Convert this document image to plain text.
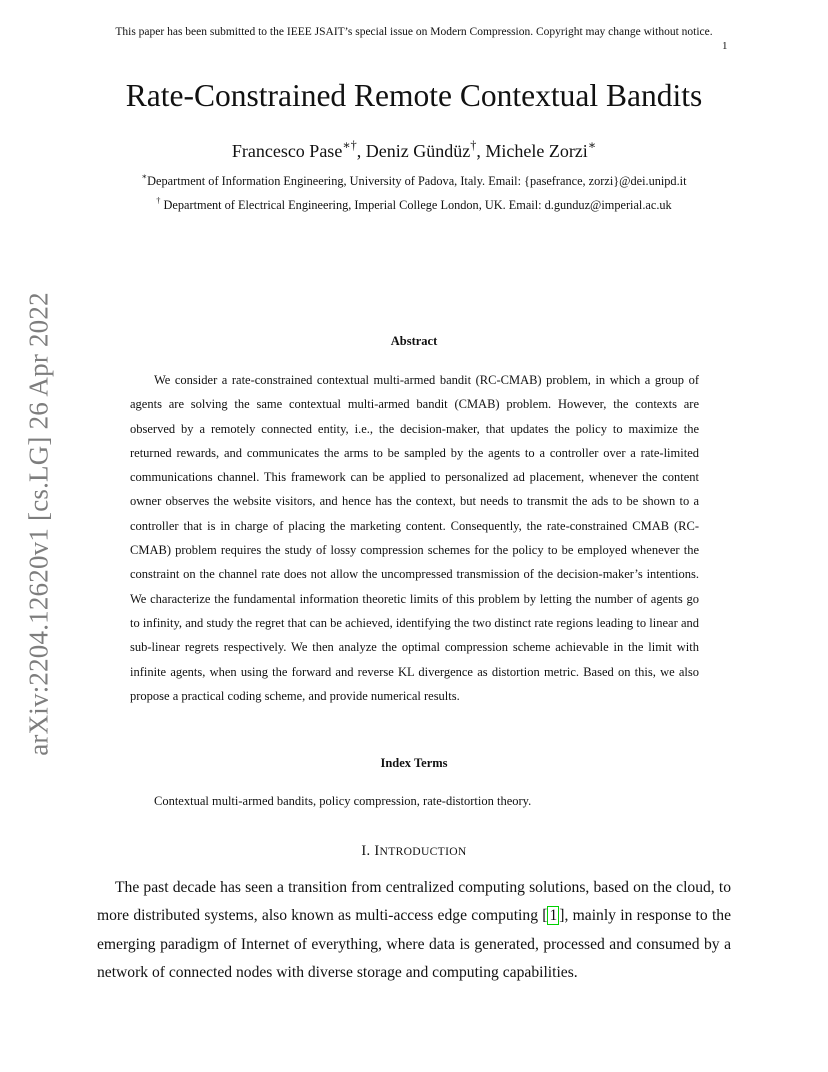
This paper has been submitted to the IEEE JSAIT’s special issue on Modern Compression. Copyright may change without notice.
1
arXiv:2204.12620v1 [cs.LG] 26 Apr 2022
Rate-Constrained Remote Contextual Bandits
Francesco Pase∗†, Deniz Gündüz†, Michele Zorzi∗
∗Department of Information Engineering, University of Padova, Italy. Email: {pasefrance, zorzi}@dei.unipd.it
† Department of Electrical Engineering, Imperial College London, UK. Email: d.gunduz@imperial.ac.uk
Abstract

We consider a rate-constrained contextual multi-armed bandit (RC-CMAB) problem, in which a group of agents are solving the same contextual multi-armed bandit (CMAB) problem. However, the contexts are observed by a remotely connected entity, i.e., the decision-maker, that updates the policy to maximize the returned rewards, and communicates the arms to be sampled by the agents to a controller over a rate-limited communications channel. This framework can be applied to personalized ad placement, whenever the content owner observes the website visitors, and hence has the context, but needs to transmit the ads to be shown to a controller that is in charge of placing the marketing content. Consequently, the rate-constrained CMAB (RC-CMAB) problem requires the study of lossy compression schemes for the policy to be employed whenever the constraint on the channel rate does not allow the uncompressed transmission of the decision-maker’s intentions. We characterize the fundamental information theoretic limits of this problem by letting the number of agents go to infinity, and study the regret that can be achieved, identifying the two distinct rate regions leading to linear and sub-linear regrets respectively. We then analyze the optimal compression scheme achievable in the limit with infinite agents, when using the forward and reverse KL divergence as distortion metric. Based on this, we also propose a practical coding scheme, and provide numerical results.

Index Terms

Contextual multi-armed bandits, policy compression, rate-distortion theory.

I. INTRODUCTION

The past decade has seen a transition from centralized computing solutions, based on the cloud, to more distributed systems, also known as multi-access edge computing [ 1 ], mainly in response to the emerging paradigm of Internet of everything, where data is generated, processed and consumed by a network of connected nodes with diverse storage and computing capabilities.
